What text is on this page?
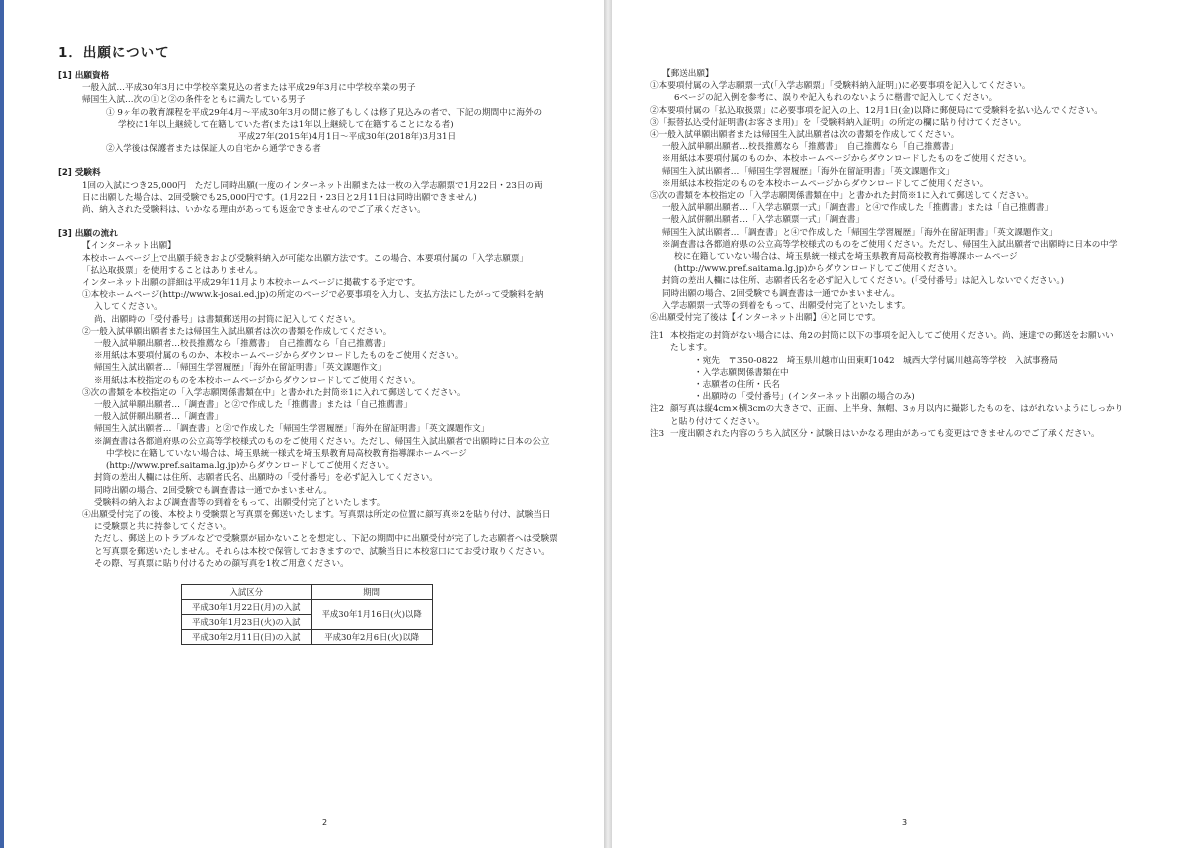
1．出願について
[1] 出願資格
一般入試…平成30年3月に中学校卒業見込の者または平成29年3月に中学校卒業の男子
帰国生入試…次の①と②の条件をともに満たしている男子
① 9ヶ年の教育課程を平成29年4月～平成30年3月の間に修了もしくは修了見込みの者で、下記の期間中に海外の
学校に1年以上継続して在籍していた者(または1年以上継続して在籍することになる者)
平成27年(2015年)4月1日～平成30年(2018年)3月31日
②入学後は保護者または保証人の自宅から通学できる者
[2] 受験料
1回の入試につき25,000円　ただし同時出願(一度のインターネット出願または一枚の入学志願票で1月22日・23日の両
日に出願した場合は、2回受験でも25,000円です。(1月22日・23日と2月11日は同時出願できません)
尚、納入された受験料は、いかなる理由があっても返金できませんのでご了承ください。
[3] 出願の流れ
【インターネット出願】
本校ホームページ上で出願手続きおよび受験料納入が可能な出願方法です。この場合、本要項付属の「入学志願票」
「払込取扱票」を使用することはありません。
インターネット出願の詳細は平成29年11月より本校ホームページに掲載する予定です。
①本校ホームページ(http://www.k-josai.ed.jp)の所定のページで必要事項を入力し、支払方法にしたがって受験料を納
入してください。
尚、出願時の「受付番号」は書類郵送用の封筒に記入してください。
②一般入試単願出願者または帰国生入試出願者は次の書類を作成してください。
一般入試単願出願者…校長推薦なら「推薦書」　自己推薦なら「自己推薦書」
※用紙は本要項付属のものか、本校ホームページからダウンロードしたものをご使用ください。
帰国生入試出願者…「帰国生学習履歴」「海外在留証明書」「英文課題作文」
※用紙は本校指定のものを本校ホームページからダウンロードしてご使用ください。
③次の書類を本校指定の「入学志願関係書類在中」と書かれた封筒※1に入れて郵送してください。
一般入試単願出願者…「調査書」と②で作成した「推薦書」または「自己推薦書」
一般入試併願出願者…「調査書」
帰国生入試出願者…「調査書」と②で作成した「帰国生学習履歴」「海外在留証明書」「英文課題作文」
※調査書は各都道府県の公立高等学校様式のものをご使用ください。ただし、帰国生入試出願者で出願時に日本の公立
中学校に在籍していない場合は、埼玉県統一様式を埼玉県教育局高校教育指導課ホームページ
(http://www.pref.saitama.lg.jp)からダウンロードしてご使用ください。
封筒の差出人欄には住所、志願者氏名、出願時の「受付番号」を必ず記入してください。
同時出願の場合、2回受験でも調査書は一通でかまいません。
受験料の納入および調査書等の到着をもって、出願受付完了といたします。
④出願受付完了の後、本校より受験票と写真票を郵送いたします。写真票は所定の位置に顔写真※2を貼り付け、試験当日
に受験票と共に持参してください。
ただし、郵送上のトラブルなどで受験票が届かないことを想定し、下記の期間中に出願受付が完了した志願者へは受験票
と写真票を郵送いたしません。それらは本校で保管しておきますので、試験当日に本校窓口にてお受け取りください。
その際、写真票に貼り付けるための顔写真を1枚ご用意ください。
入試区分	期間
平成30年1月22日(月)の入試	平成30年1月16日(火)以降
平成30年1月23日(火)の入試	
平成30年2月11日(日)の入試	平成30年2月6日(火)以降
2
【郵送出願】
①本要項付属の入学志願票一式(「入学志願票」「受験料納入証明」)に必要事項を記入してください。
6ページの記入例を参考に、誤りや記入もれのないように楷書で記入してください。
②本要項付属の「払込取扱票」に必要事項を記入の上、12月1日(金)以降に郵便局にて受験料を払い込んでください。
③「振替払込受付証明書(お客さま用)」を「受験料納入証明」の所定の欄に貼り付けてください。
④一般入試単願出願者または帰国生入試出願者は次の書類を作成してください。
一般入試単願出願者…校長推薦なら「推薦書」　自己推薦なら「自己推薦書」
※用紙は本要項付属のものか、本校ホームページからダウンロードしたものをご使用ください。
帰国生入試出願者…「帰国生学習履歴」「海外在留証明書」「英文課題作文」
※用紙は本校指定のものを本校ホームページからダウンロードしてご使用ください。
⑤次の書類を本校指定の「入学志願関係書類在中」と書かれた封筒※1に入れて郵送してください。
一般入試単願出願者…「入学志願票一式」「調査書」と④で作成した「推薦書」または「自己推薦書」
一般入試併願出願者…「入学志願票一式」「調査書」
帰国生入試出願者…「調査書」と④で作成した「帰国生学習履歴」「海外在留証明書」「英文課題作文」
※調査書は各都道府県の公立高等学校様式のものをご使用ください。ただし、帰国生入試出願者で出願時に日本の中学
校に在籍していない場合は、埼玉県統一様式を埼玉県教育局高校教育指導課ホームページ
(http://www.pref.saitama.lg.jp)からダウンロードしてご使用ください。
封筒の差出人欄には住所、志願者氏名を必ず記入してください。(「受付番号」は記入しないでください。)
同時出願の場合、2回受験でも調査書は一通でかまいません。
入学志願票一式等の到着をもって、出願受付完了といたします。
⑥出願受付完了後は【インターネット出願】④と同じです。
注1 本校指定の封筒がない場合には、角2の封筒に以下の事項を記入してご使用ください。尚、速達での郵送をお願いい
たします。
・宛先　〒350-0822　埼玉県川越市山田東町1042　城西大学付属川越高等学校　入試事務局
・入学志願関係書類在中
・志願者の住所・氏名
・出願時の「受付番号」(インターネット出願の場合のみ)
注2 顔写真は縦4cm×横3cmの大きさで、正面、上半身、無帽、3ヵ月以内に撮影したものを、はがれないようにしっかり
と貼り付けてください。
注3 一度出願された内容のうち入試区分・試験日はいかなる理由があっても変更はできませんのでご了承ください。
3
